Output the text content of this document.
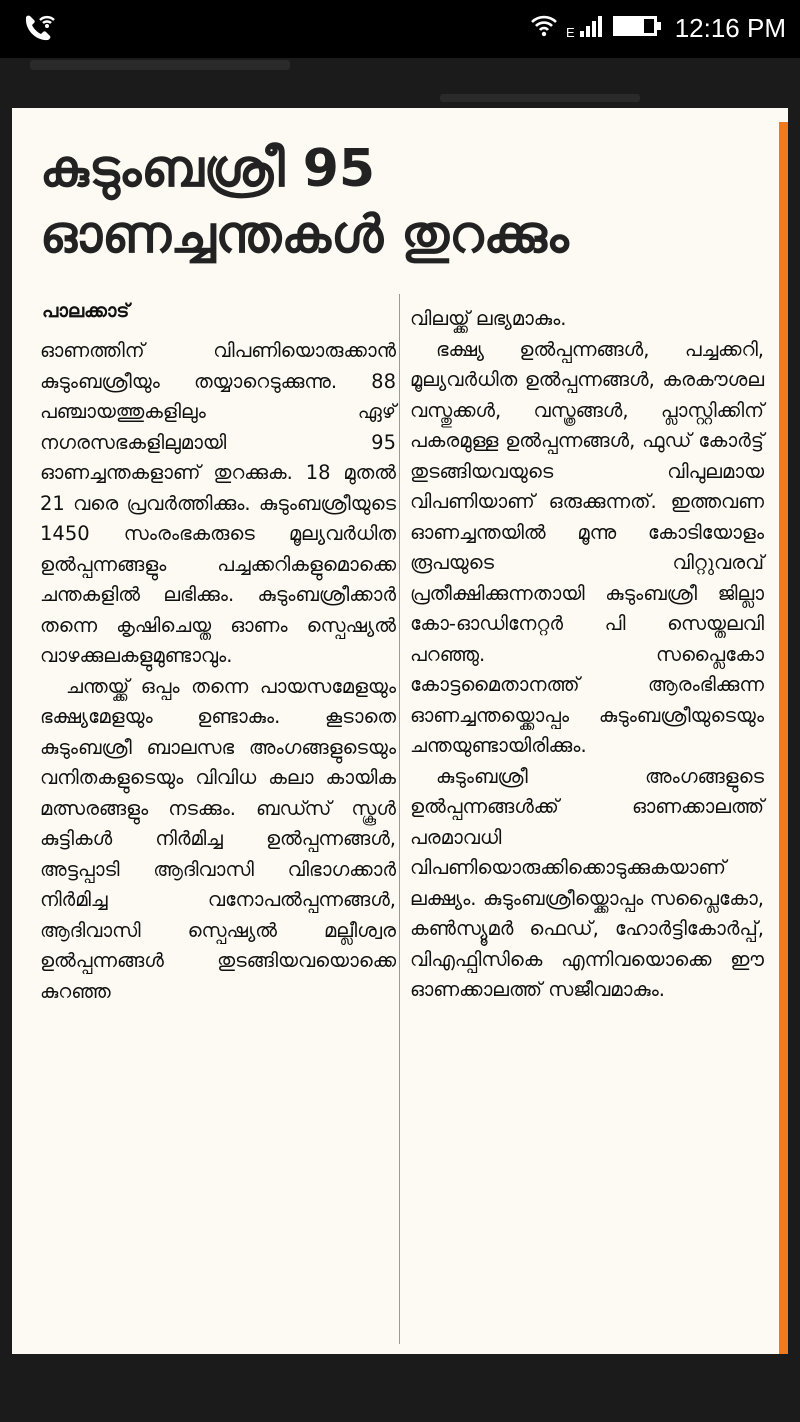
E	12:16 PM
കുടുംബശ്രീ 95
ഓണച്ചന്തകൾ തുറക്കും
പാലക്കാട്

ഓണത്തിന് വിപണിയൊരുക്കാൻ കുടുംബശ്രീയും തയ്യാറെടുക്കുന്നു. 88 പഞ്ചായത്തുകളിലും ഏഴ് നഗരസഭകളിലുമായി 95 ഓണച്ചന്തകളാണ് തുറക്കുക. 18 മുതൽ 21 വരെ പ്രവർത്തിക്കും. കുടുംബശ്രീയുടെ 1450 സംരംഭകരുടെ മൂല്യവർധിത ഉൽപ്പന്നങ്ങളും പച്ചക്കറികളുമൊക്കെ ചന്തകളിൽ ലഭിക്കും. കുടുംബശ്രീക്കാർ തന്നെ കൃഷിചെയ്ത ഓണം സ്പെഷ്യൽ വാഴക്കുലകളുമുണ്ടാവും.

ചന്തയ്ക്ക് ഒപ്പം തന്നെ പായസമേളയും ഭക്ഷ്യമേളയും ഉണ്ടാകും. കൂടാതെ കുടുംബശ്രീ ബാലസഭ അംഗങ്ങളുടെയും വനിതകളുടെയും വിവിധ കലാ കായിക മത്സരങ്ങളും നടക്കും. ബഡ്സ് സ്കൂൾ കുട്ടികൾ നിർമിച്ച ഉൽപ്പന്നങ്ങൾ, അട്ടപ്പാടി ആദിവാസി വിഭാഗക്കാർ നിർമിച്ച വനോപൽപ്പന്നങ്ങൾ, ആദിവാസി സ്പെഷ്യൽ മല്ലീശ്വര ഉൽപ്പന്നങ്ങൾ തുടങ്ങിയവയൊക്കെ കുറഞ്ഞ

വിലയ്ക്ക് ലഭ്യമാകും.

ഭക്ഷ്യ ഉൽപ്പന്നങ്ങൾ, പച്ചക്കറി, മൂല്യവർധിത ഉൽപ്പന്നങ്ങൾ, കരകൗശല വസ്തുക്കൾ, വസ്ത്രങ്ങൾ, പ്ലാസ്റ്റിക്കിന് പകരമുള്ള ഉൽപ്പന്നങ്ങൾ, ഫുഡ് കോർട്ട് തുടങ്ങിയവയുടെ വിപുലമായ വിപണിയാണ് ഒരുക്കുന്നത്. ഇത്തവണ ഓണച്ചന്തയിൽ മൂന്നു കോടിയോളം രൂപയുടെ വിറ്റുവരവ് പ്രതീക്ഷിക്കുന്നതായി കുടുംബശ്രീ ജില്ലാ കോ-ഓഡിനേറ്റർ പി സെയ്തലവി പറഞ്ഞു. സപ്ലൈകോ കോട്ടമൈതാനത്ത് ആരംഭിക്കുന്ന ഓണച്ചന്തയ്ക്കൊപ്പം കുടുംബശ്രീയുടെയും ചന്തയുണ്ടായിരിക്കും.

കുടുംബശ്രീ അംഗങ്ങളുടെ ഉൽപ്പന്നങ്ങൾക്ക് ഓണക്കാലത്ത് പരമാവധി വിപണിയൊരുക്കിക്കൊടുക്കുകയാണ് ലക്ഷ്യം. കുടുംബശ്രീയ്ക്കൊപ്പം സപ്ലൈകോ, കൺസ്യൂമർ ഫെഡ്, ഹോർട്ടികോർപ്പ്, വിഎഫ്പിസികെ എന്നിവയൊക്കെ ഈ ഓണക്കാലത്ത് സജീവമാകും.
